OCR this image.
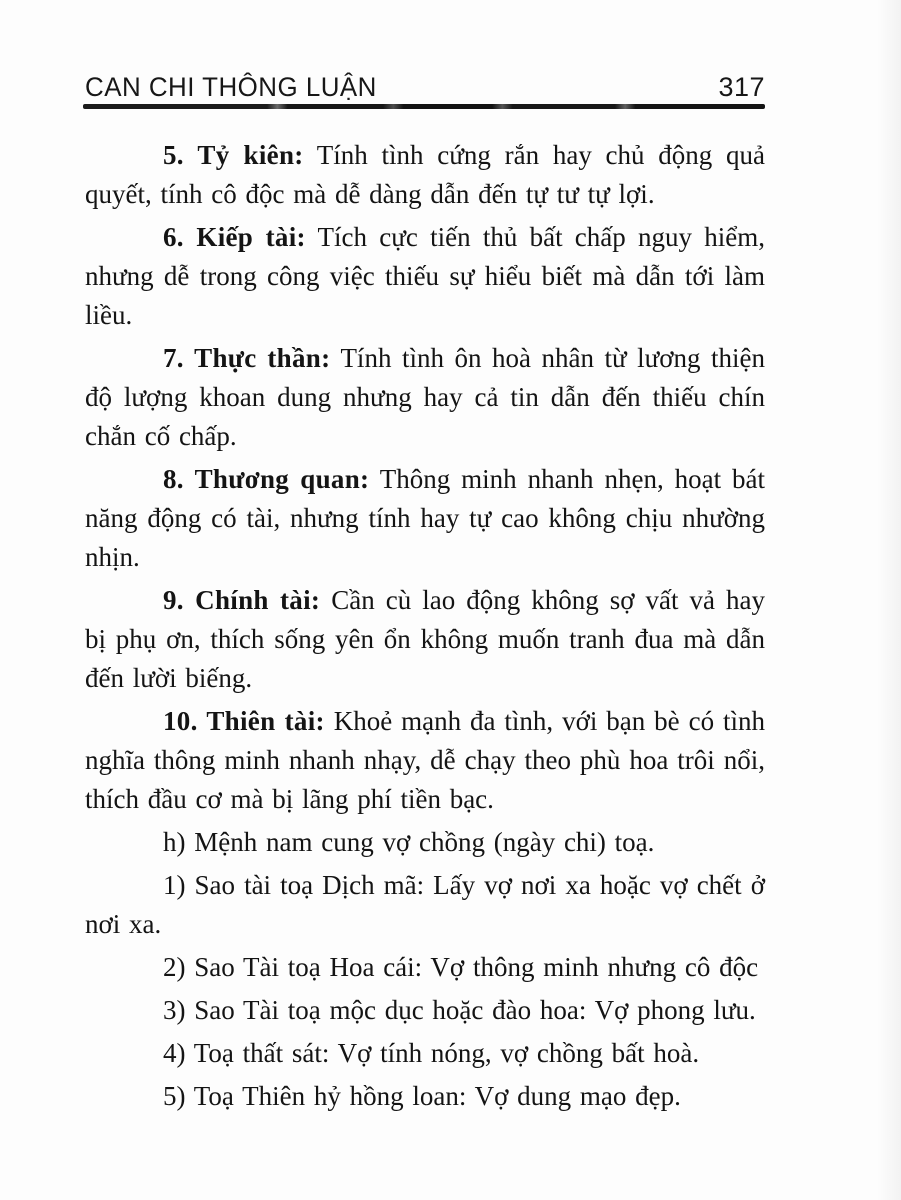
CAN CHI THÔNG LUẬN	317

5. Tỷ kiên: Tính tình cứng rắn hay chủ động quả quyết, tính cô độc mà dễ dàng dẫn đến tự tư tự lợi.

6. Kiếp tài: Tích cực tiến thủ bất chấp nguy hiểm, nhưng dễ trong công việc thiếu sự hiểu biết mà dẫn tới làm liều.

7. Thực thần: Tính tình ôn hoà nhân từ lương thiện độ lượng khoan dung nhưng hay cả tin dẫn đến thiếu chín chắn cố chấp.

8. Thương quan: Thông minh nhanh nhẹn, hoạt bát năng động có tài, nhưng tính hay tự cao không chịu nhường nhịn.

9. Chính tài: Cần cù lao động không sợ vất vả hay bị phụ ơn, thích sống yên ổn không muốn tranh đua mà dẫn đến lười biếng.

10. Thiên tài: Khoẻ mạnh đa tình, với bạn bè có tình nghĩa thông minh nhanh nhạy, dễ chạy theo phù hoa trôi nổi, thích đầu cơ mà bị lãng phí tiền bạc.

h) Mệnh nam cung vợ chồng (ngày chi) toạ.

1) Sao tài toạ Dịch mã: Lấy vợ nơi xa hoặc vợ chết ở nơi xa.

2) Sao Tài toạ Hoa cái: Vợ thông minh nhưng cô độc

3) Sao Tài toạ mộc dục hoặc đào hoa: Vợ phong lưu.

4) Toạ thất sát: Vợ tính nóng, vợ chồng bất hoà.

5) Toạ Thiên hỷ hồng loan: Vợ dung mạo đẹp.
